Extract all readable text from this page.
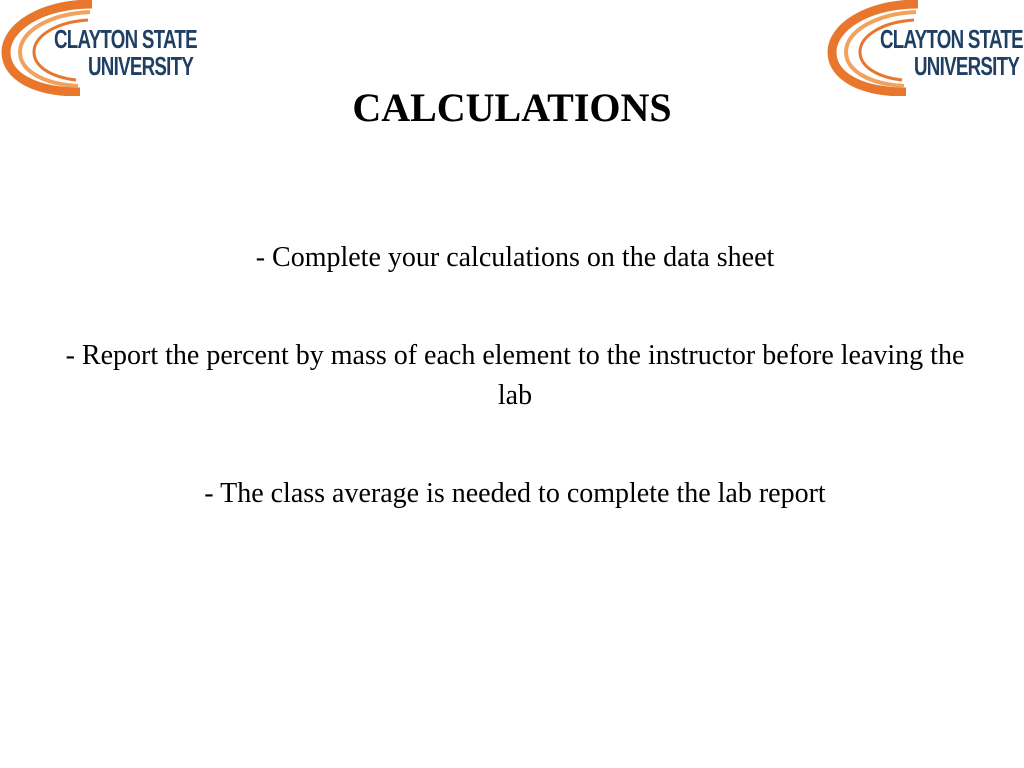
CLAYTON STATE
UNIVERSITY
CLAYTON STATE
UNIVERSITY
CALCULATIONS

- Complete your calculations on the data sheet

- Report the percent by mass of each element to the instructor before leaving the lab

- The class average is needed to complete the lab report
